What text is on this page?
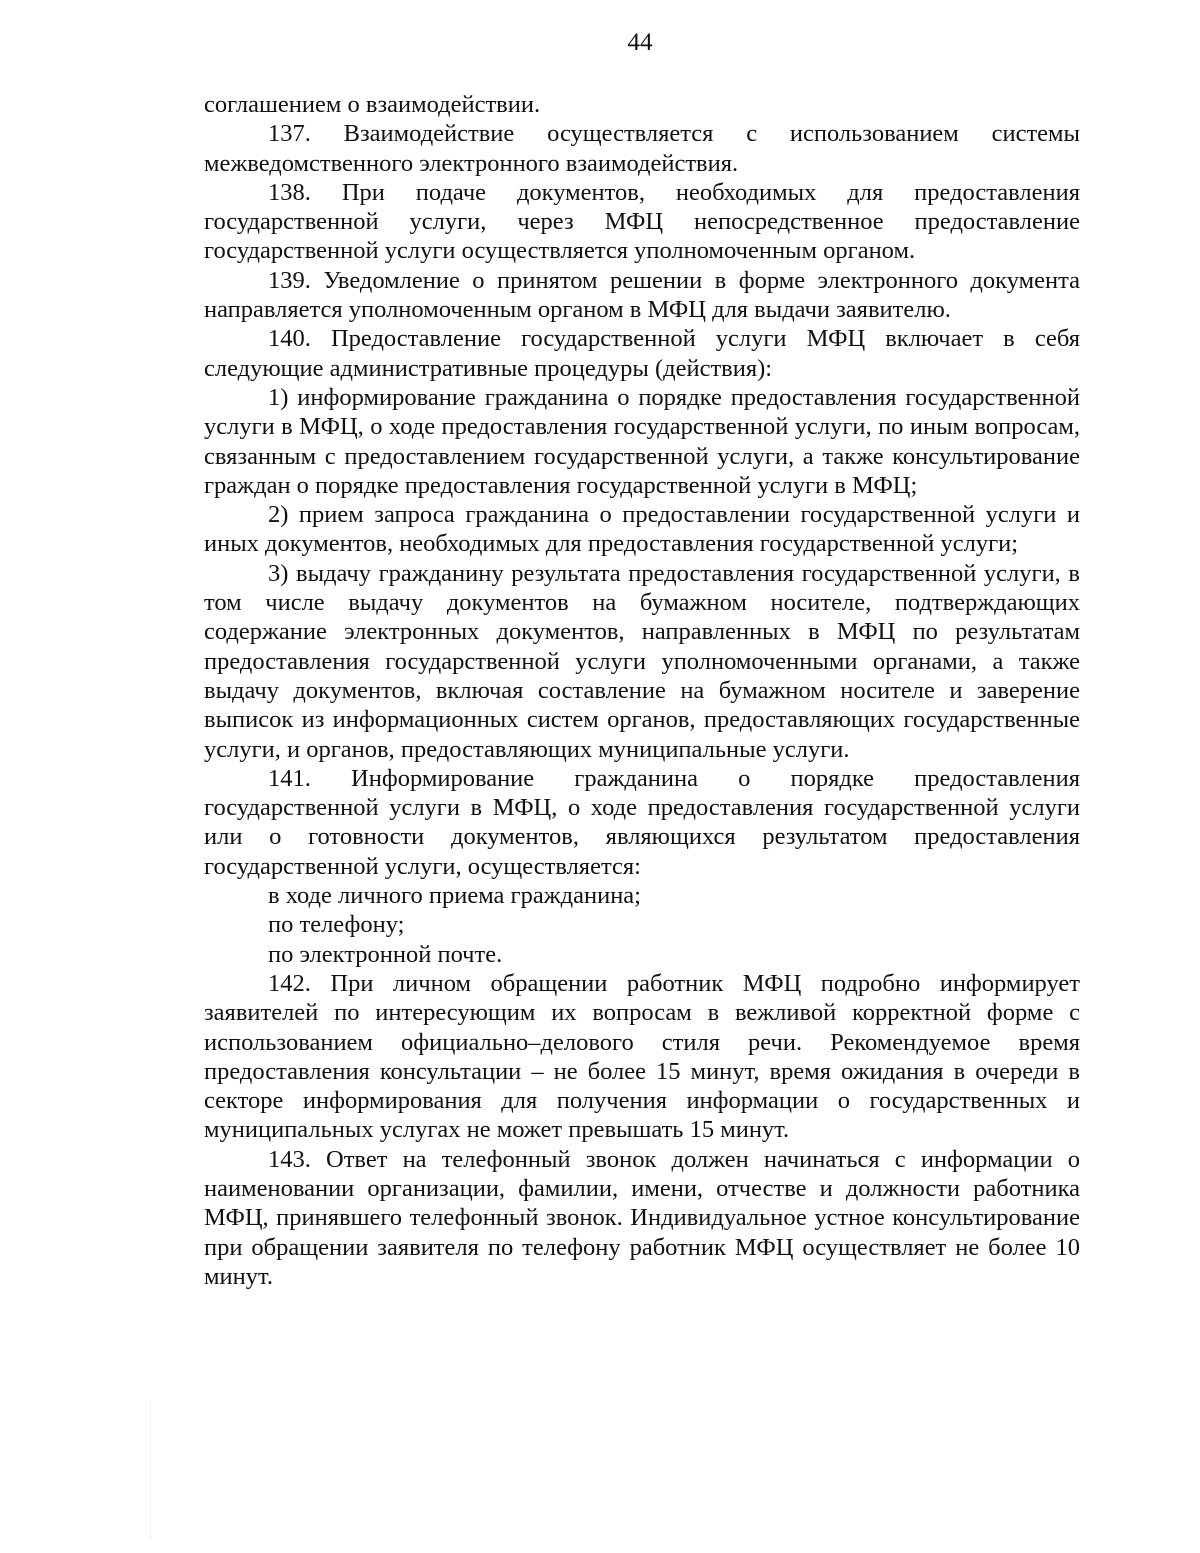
44

соглашением о взаимодействии.

137. Взаимодействие осуществляется с использованием системы межведомственного электронного взаимодействия.

138. При подаче документов, необходимых для предоставления государственной услуги, через МФЦ непосредственное предоставление государственной услуги осуществляется уполномоченным органом.

139. Уведомление о принятом решении в форме электронного документа направляется уполномоченным органом в МФЦ для выдачи заявителю.

140. Предоставление государственной услуги МФЦ включает в себя следующие административные процедуры (действия):

1) информирование гражданина о порядке предоставления государственной услуги в МФЦ, о ходе предоставления государственной услуги, по иным вопросам, связанным с предоставлением государственной услуги, а также консультирование граждан о порядке предоставления государственной услуги в МФЦ;

2) прием запроса гражданина о предоставлении государственной услуги и иных документов, необходимых для предоставления государственной услуги;

3) выдачу гражданину результата предоставления государственной услуги, в том числе выдачу документов на бумажном носителе, подтверждающих содержание электронных документов, направленных в МФЦ по результатам предоставления государственной услуги уполномоченными органами, а также выдачу документов, включая составление на бумажном носителе и заверение выписок из информационных систем органов, предоставляющих государственные услуги, и органов, предоставляющих муниципальные услуги.

141. Информирование гражданина о порядке предоставления государственной услуги в МФЦ, о ходе предоставления государственной услуги или о готовности документов, являющихся результатом предоставления государственной услуги, осуществляется:

в ходе личного приема гражданина;

по телефону;

по электронной почте.

142. При личном обращении работник МФЦ подробно информирует заявителей по интересующим их вопросам в вежливой корректной форме с использованием официально–делового стиля речи. Рекомендуемое время предоставления консультации – не более 15 минут, время ожидания в очереди в секторе информирования для получения информации о государственных и муниципальных услугах не может превышать 15 минут.

143. Ответ на телефонный звонок должен начинаться с информации о наименовании организации, фамилии, имени, отчестве и должности работника МФЦ, принявшего телефонный звонок. Индивидуальное устное консультирование при обращении заявителя по телефону работник МФЦ осуществляет не более 10 минут.
